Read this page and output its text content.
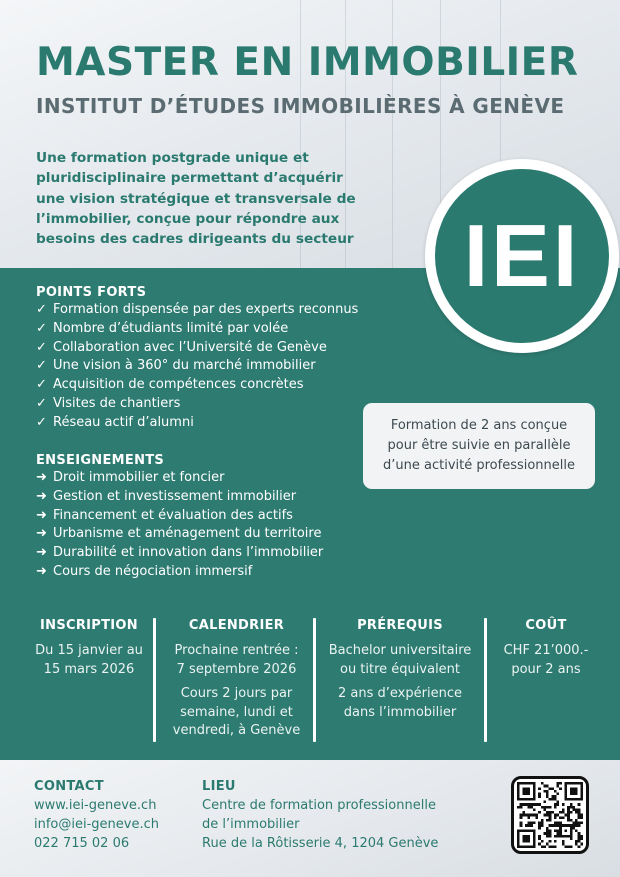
MASTER EN IMMOBILIER
INSTITUT D’ÉTUDES IMMOBILIÈRES À GENÈVE
Une formation postgrade unique et
pluridisciplinaire permettant d’acquérir
une vision stratégique et transversale de
l’immobilier, conçue pour répondre aux
besoins des cadres dirigeants du secteur
POINTS FORTS
✓ Formation dispensée par des experts reconnus
✓ Nombre d’étudiants limité par volée
✓ Collaboration avec l’Université de Genève
✓ Une vision à 360° du marché immobilier
✓ Acquisition de compétences concrètes
✓ Visites de chantiers
✓ Réseau actif d’alumni	Formation de 2 ans conçue
pour être suivie en parallèle
d’une activité professionnelle
ENSEIGNEMENTS
➜ Droit immobilier et foncier
➜ Gestion et investissement immobilier
➜ Financement et évaluation des actifs
➜ Urbanisme et aménagement du territoire
➜ Durabilité et innovation dans l’immobilier
➜ Cours de négociation immersif
INSCRIPTION
Du 15 janvier au
15 mars 2026
CALENDRIER
Prochaine rentrée :
7 septembre 2026
Cours 2 jours par
semaine, lundi et
vendredi, à Genève
PRÉREQUIS
Bachelor universitaire
ou titre équivalent
2 ans d’expérience
dans l’immobilier
COÛT
CHF 21’000.-
pour 2 ans
IEI
CONTACT
www.iei-geneve.ch
info@iei-geneve.ch
022 715 02 06
LIEU
Centre de formation professionnelle
de l’immobilier
Rue de la Rôtisserie 4, 1204 Genève
